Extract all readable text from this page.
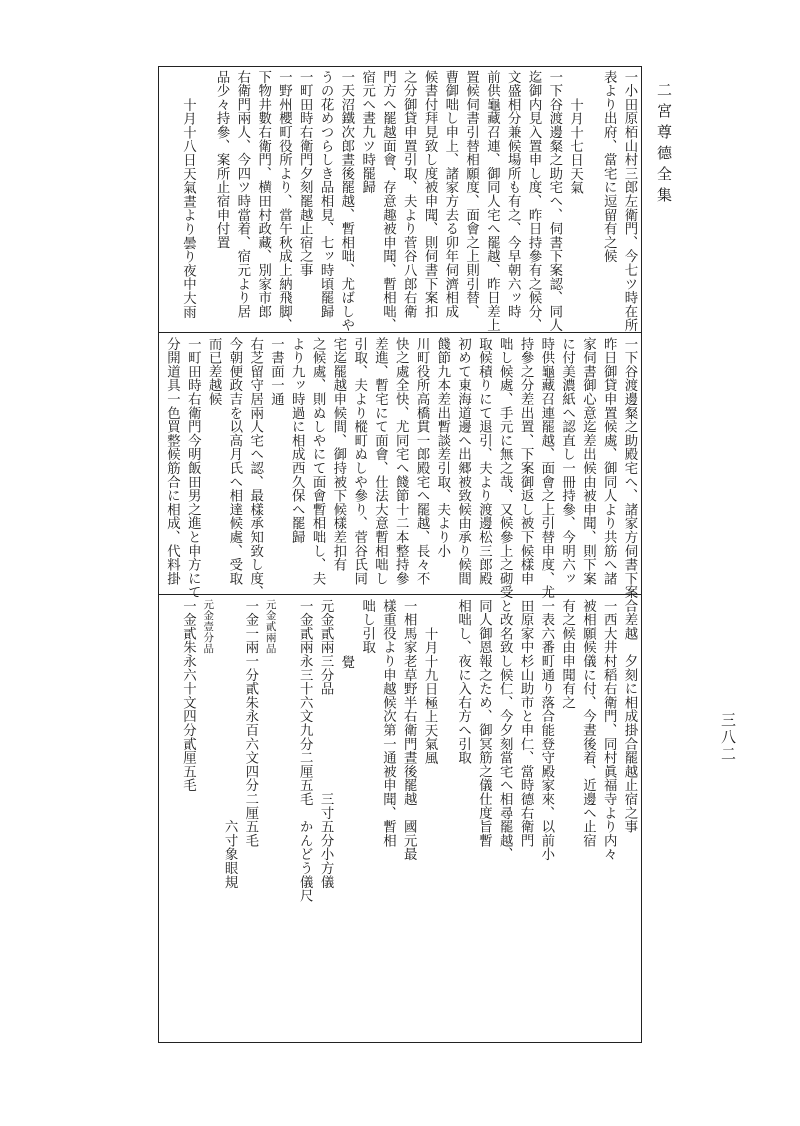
二宮尊德全集
三八二
一小田原栢山村三郎左衛門、今七ツ時在所
表より出府、當宅に逗留有之候
十月十七日天氣
一下谷渡邊粲之助宅へ、伺書下案認、同人
迄御内見入置申し度、昨日持參有之候分、
文盛相分兼候場所も有之、今早朝六ッ時
前供龜藏召連、御同人宅へ罷越、昨日差上
置候伺書引替相願度、面會之上則引替、
曹御咄し申上、諸家方去る卯年伺濟相成
候書付拜見致し度被申聞、則伺書下案扣
之分御貸申置引取、夫より菅谷八郎右衛
門方へ罷越面會、存意趣被申聞、暫相咄、
宿元へ晝九ツ時罷歸
一天沼鐵次郎晝後罷越、暫相咄、尤ばしや
うの花めつらしき品相見、七ッ時頃罷歸
一町田時右衛門夕刻罷越止宿之事
一野州櫻町役所より、當午秋成上納飛脚、
下物井數右衛門、横田村政藏、別家市郎
右衛門兩人、今四ツ時當着、宿元より居
品少々持參、案所止宿申付置
十月十八日天氣晝より曇り夜中大雨
一下谷渡邊粲之助殿宅へ、諸家方伺書下案
昨日御貸申置候處、御同人より共筋へ諸
家伺書御心意迄差出候由被申聞、則下案
に付美濃紙へ認直し一冊持參、今明六ッ
時供龜藏召連罷越、面會之上引替申度、尤
持參之分差出置、下案御返し被下候樣申
咄し候處、手元に無之哉、又候參上之砌受
取候積りにて退引、夫より渡邊松三郎殿
初めて東海道邊へ出郷被致候由承り候間
餞節九本差出暫談差引取、夫より小
川町役所高橋貫一郎殿宅へ罷越、長々不
快之處全快、尤同宅へ餞節十二本整持參
差進、暫宅にて面會、仕法大意暫相咄し
引取、夫より樅町ぬしや參り、菅谷氏同
宅迄罷越申候間、御持被下候樣差扣有
之候處、則ぬしやにて面會暫相咄し、夫
より九ッ時過に相成西久保へ罷歸
一書面一通
右芝留守居兩人宅へ認、最樣承知致し度、
今朝便政吉を以高月氏へ相達候處、受取
而已差越候
一町田時右衛門今明飯田男之進と申方にて
分開道具一色買整候筋合に相成、代料掛
合差越　夕刻に相成掛合罷越止宿之事
一西大井村稻右衛門、同村眞福寺より内々
被相願候儀に付、今晝後着、近邊へ止宿
有之候由申聞有之
一表六番町通り落合能登守殿家來、以前小
田原家中杉山助市と申仁、當時德右衛門
と改名致し候仁、今夕刻當宅へ相尋罷越、
同人御恩報之ため、御冥筋之儀仕度旨暫
相咄し、夜に入右方へ引取
十月十九日極上天氣風
一相馬家老草野半右衛門晝後罷越　國元最
樣重役より申越候次第一通被申聞、暫相
咄し引取
覺
元金貳兩三分品　　　　　　　三寸五分小方儀
一金貳兩永三十六文九分二厘五毛　かんどう儀尺
元金貳兩品
一金一兩一分貳朱永百六文四分二厘五毛
　　　　　　　　　　　　　　　　六寸象眼規
元金壹分品
一金貳朱永六十文四分貳厘五毛
